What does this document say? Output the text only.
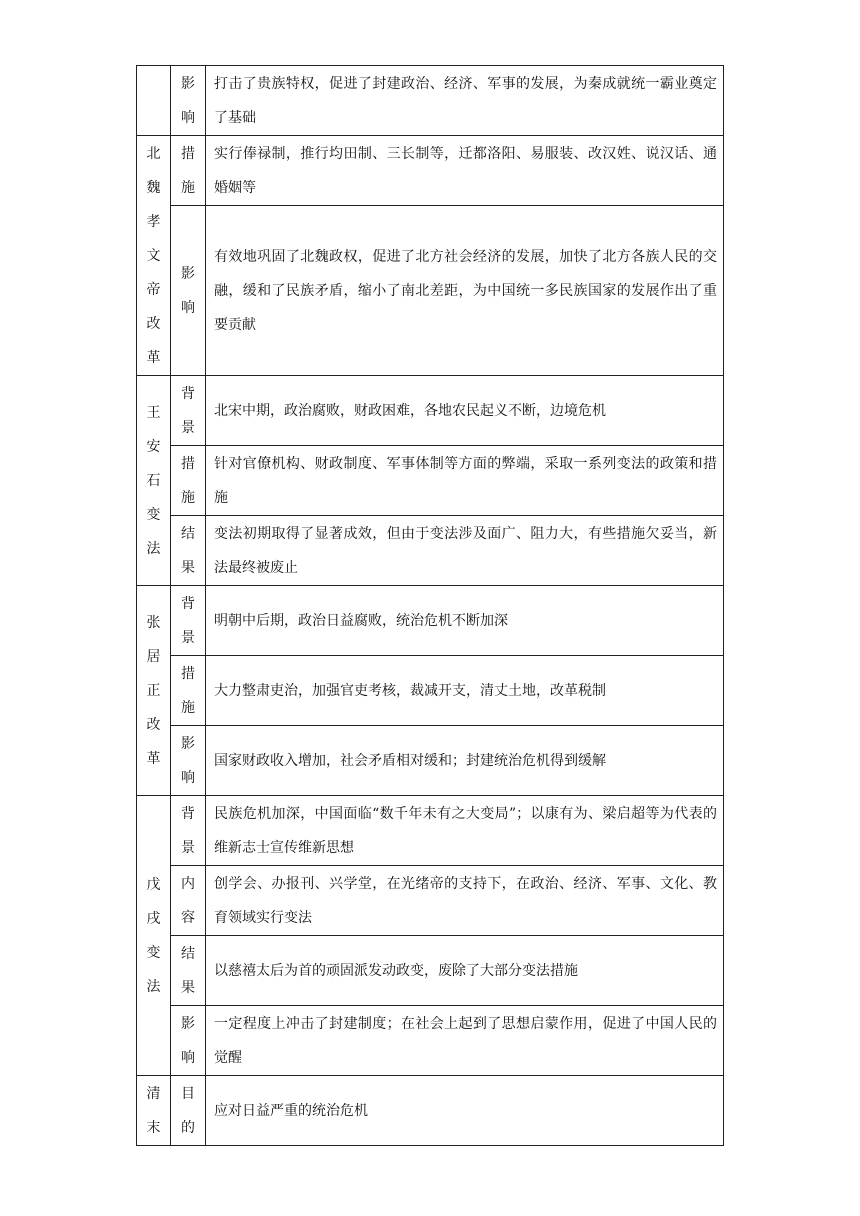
	影响	打击了贵族特权，促进了封建政治、经济、军事的发展，为秦成就统一霸业奠定了基础
北魏孝文帝改革	措施	实行俸禄制，推行均田制、三长制等，迁都洛阳、易服装、改汉姓、说汉话、通婚姻等
	影响	有效地巩固了北魏政权，促进了北方社会经济的发展，加快了北方各族人民的交融，缓和了民族矛盾，缩小了南北差距，为中国统一多民族国家的发展作出了重要贡献
王安石变法	背景	北宋中期，政治腐败，财政困难，各地农民起义不断，边境危机
	措施	针对官僚机构、财政制度、军事体制等方面的弊端，采取一系列变法的政策和措施
	结果	变法初期取得了显著成效，但由于变法涉及面广、阻力大，有些措施欠妥当，新法最终被废止
张居正改革	背景	明朝中后期，政治日益腐败，统治危机不断加深
	措施	大力整肃吏治，加强官吏考核，裁减开支，清丈土地，改革税制
	影响	国家财政收入增加，社会矛盾相对缓和；封建统治危机得到缓解
戊戌变法	背景	民族危机加深，中国面临“数千年未有之大变局”；以康有为、梁启超等为代表的维新志士宣传维新思想
	内容	创学会、办报刊、兴学堂，在光绪帝的支持下，在政治、经济、军事、文化、教育领域实行变法
	结果	以慈禧太后为首的顽固派发动政变，废除了大部分变法措施
	影响	一定程度上冲击了封建制度；在社会上起到了思想启蒙作用，促进了中国人民的觉醒
清末	目的	应对日益严重的统治危机
